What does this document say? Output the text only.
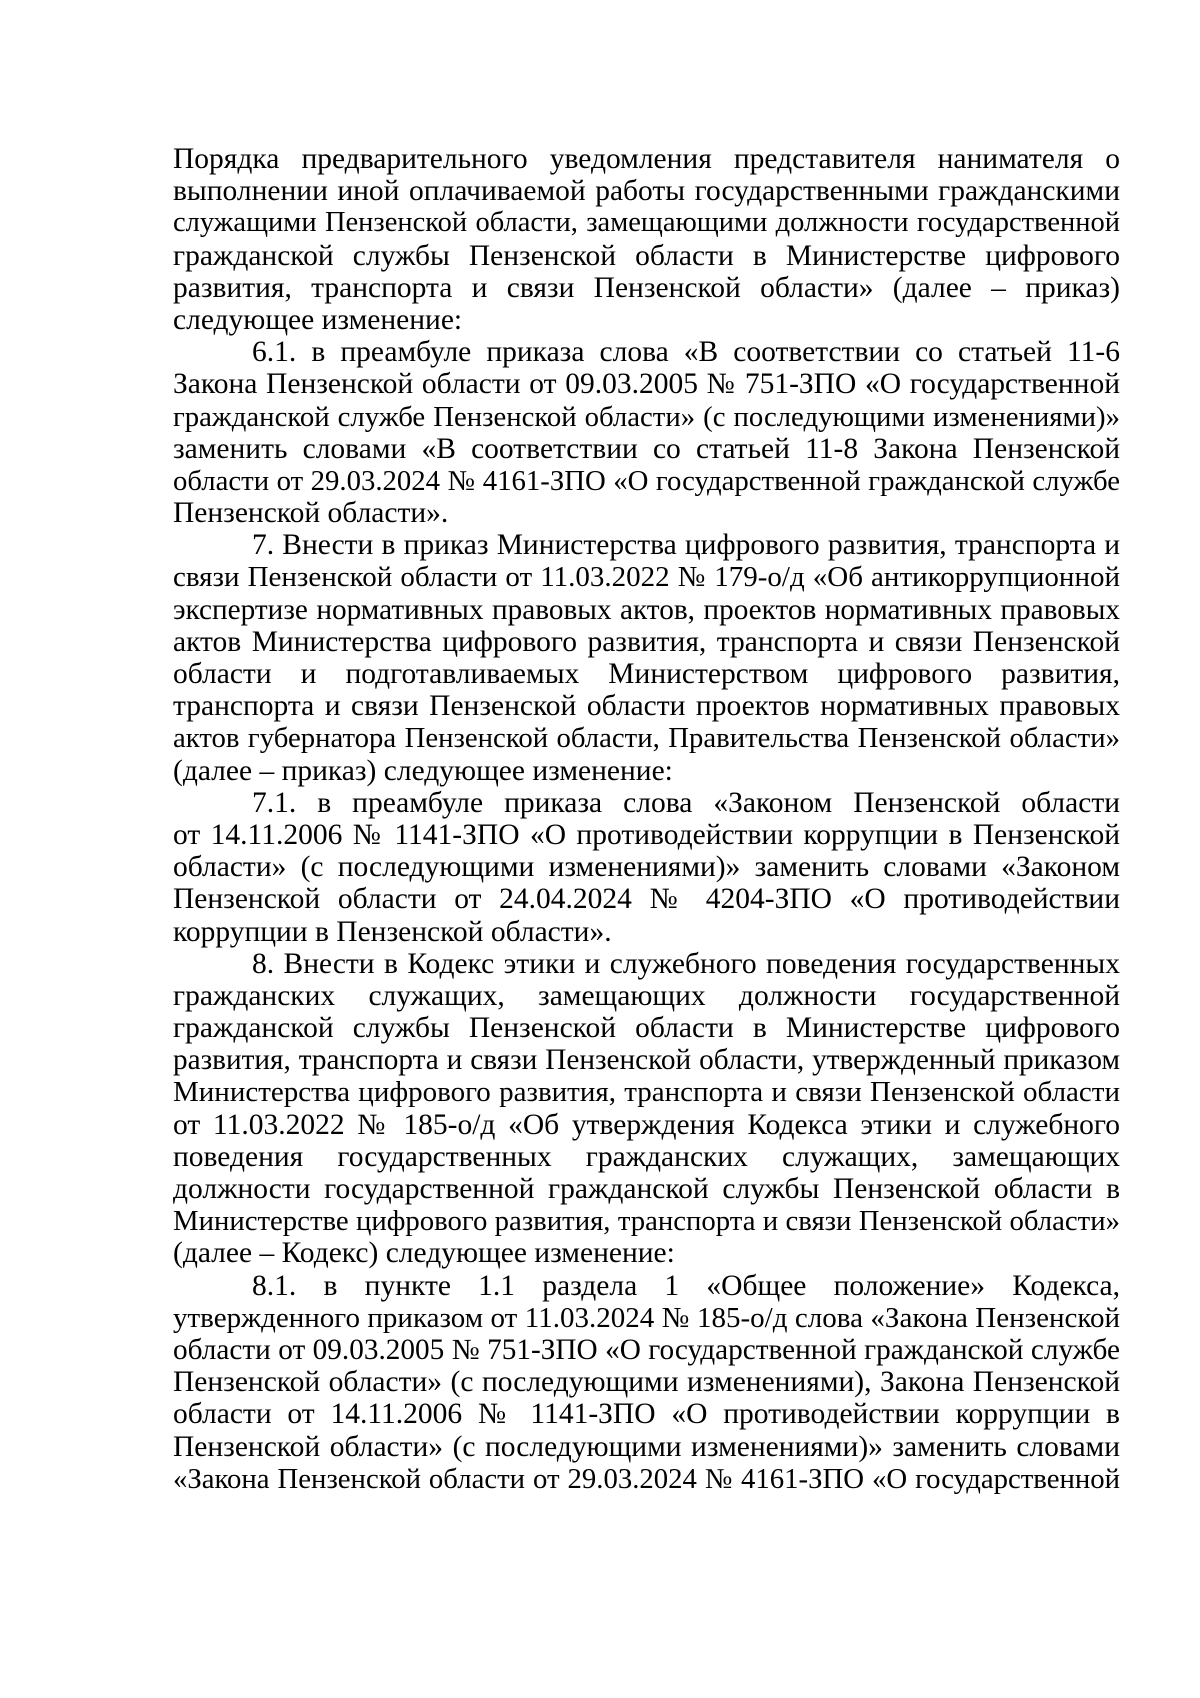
Порядка предварительного уведомления представителя нанимателя о
выполнении иной оплачиваемой работы государственными гражданскими
служащими Пензенской области, замещающими должности государственной
гражданской службы Пензенской области в Министерстве цифрового
развития, транспорта и связи Пензенской области» (далее – приказ)
следующее изменение:
6.1. в преамбуле приказа слова «В соответствии со статьей 11-6
Закона Пензенской области от 09.03.2005 № 751-ЗПО «О государственной
гражданской службе Пензенской области» (с последующими изменениями)»
заменить словами «В соответствии со статьей 11-8 Закона Пензенской
области от 29.03.2024 № 4161-ЗПО «О государственной гражданской службе
Пензенской области».
7. Внести в приказ Министерства цифрового развития, транспорта и
связи Пензенской области от 11.03.2022 № 179-о/д «Об антикоррупционной
экспертизе нормативных правовых актов, проектов нормативных правовых
актов Министерства цифрового развития, транспорта и связи Пензенской
области и подготавливаемых Министерством цифрового развития,
транспорта и связи Пензенской области проектов нормативных правовых
актов губернатора Пензенской области, Правительства Пензенской области»
(далее – приказ) следующее изменение:
7.1. в преамбуле приказа слова «Законом Пензенской области
от 14.11.2006 № 1141-ЗПО «О противодействии коррупции в Пензенской
области» (с последующими изменениями)» заменить словами «Законом
Пензенской области от 24.04.2024 № 4204-ЗПО «О противодействии
коррупции в Пензенской области».
8. Внести в Кодекс этики и служебного поведения государственных
гражданских служащих, замещающих должности государственной
гражданской службы Пензенской области в Министерстве цифрового
развития, транспорта и связи Пензенской области, утвержденный приказом
Министерства цифрового развития, транспорта и связи Пензенской области
от 11.03.2022 № 185-о/д «Об утверждения Кодекса этики и служебного
поведения государственных гражданских служащих, замещающих
должности государственной гражданской службы Пензенской области в
Министерстве цифрового развития, транспорта и связи Пензенской области»
(далее – Кодекс) следующее изменение:
8.1. в пункте 1.1 раздела 1 «Общее положение» Кодекса,
утвержденного приказом от 11.03.2024 № 185-о/д слова «Закона Пензенской
области от 09.03.2005 № 751-ЗПО «О государственной гражданской службе
Пензенской области» (с последующими изменениями), Закона Пензенской
области от 14.11.2006 № 1141-ЗПО «О противодействии коррупции в
Пензенской области» (с последующими изменениями)» заменить словами
«Закона Пензенской области от 29.03.2024 № 4161-ЗПО «О государственной
